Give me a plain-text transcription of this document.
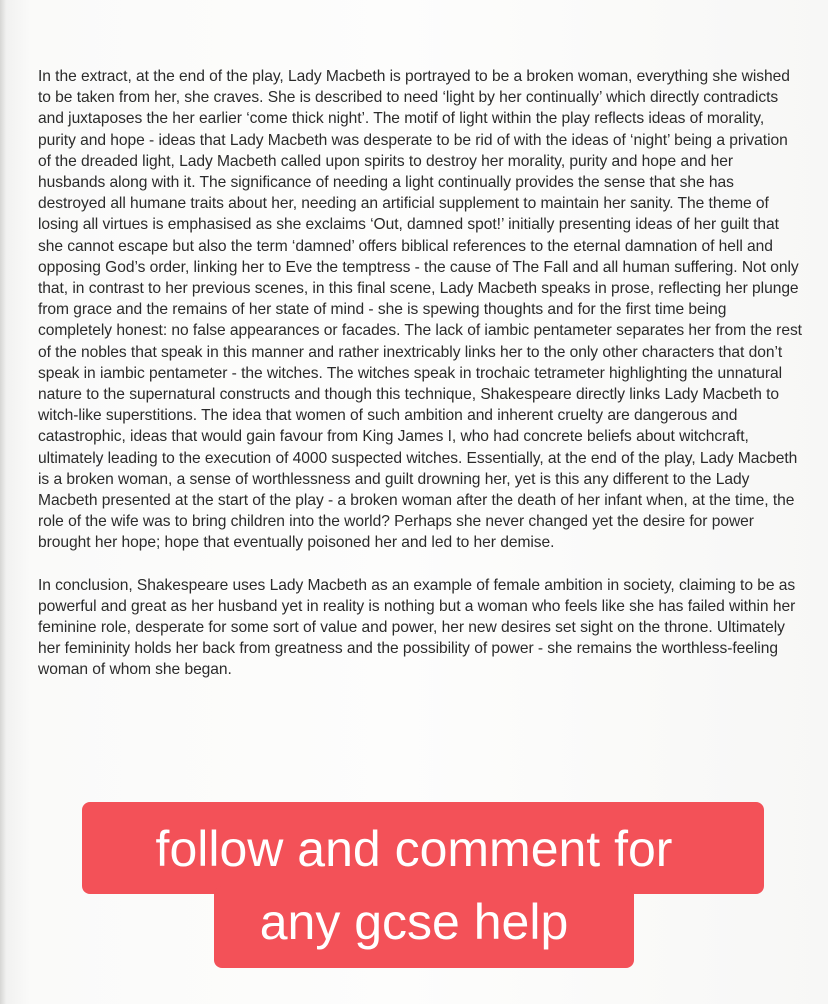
In the extract, at the end of the play, Lady Macbeth is portrayed to be a broken woman, everything she wished to be taken from her, she craves. She is described to need ‘light by her continually’ which directly contradicts and juxtaposes the her earlier ‘come thick night’. The motif of light within the play reflects ideas of morality, purity and hope - ideas that Lady Macbeth was desperate to be rid of with the ideas of ‘night’ being a privation of the dreaded light, Lady Macbeth called upon spirits to destroy her morality, purity and hope and her husbands along with it. The significance of needing a light continually provides the sense that she has destroyed all humane traits about her, needing an artificial supplement to maintain her sanity. The theme of losing all virtues is emphasised as she exclaims ‘Out, damned spot!’ initially presenting ideas of her guilt that she cannot escape but also the term ‘damned’ offers biblical references to the eternal damnation of hell and opposing God’s order, linking her to Eve the temptress - the cause of The Fall and all human suffering. Not only that, in contrast to her previous scenes, in this final scene, Lady Macbeth speaks in prose, reflecting her plunge from grace and the remains of her state of mind - she is spewing thoughts and for the first time being completely honest: no false appearances or facades. The lack of iambic pentameter separates her from the rest of the nobles that speak in this manner and rather inextricably links her to the only other characters that don’t speak in iambic pentameter - the witches. The witches speak in trochaic tetrameter highlighting the unnatural nature to the supernatural constructs and though this technique, Shakespeare directly links Lady Macbeth to witch-like superstitions. The idea that women of such ambition and inherent cruelty are dangerous and catastrophic, ideas that would gain favour from King James I, who had concrete beliefs about witchcraft, ultimately leading to the execution of 4000 suspected witches. Essentially, at the end of the play, Lady Macbeth is a broken woman, a sense of worthlessness and guilt drowning her, yet is this any different to the Lady Macbeth presented at the start of the play - a broken woman after the death of her infant when, at the time, the role of the wife was to bring children into the world? Perhaps she never changed yet the desire for power brought her hope; hope that eventually poisoned her and led to her demise.

In conclusion, Shakespeare uses Lady Macbeth as an example of female ambition in society, claiming to be as powerful and great as her husband yet in reality is nothing but a woman who feels like she has failed within her feminine role, desperate for some sort of value and power, her new desires set sight on the throne. Ultimately her femininity holds her back from greatness and the possibility of power - she remains the worthless-feeling woman of whom she began.

follow and comment for
any gcse help
